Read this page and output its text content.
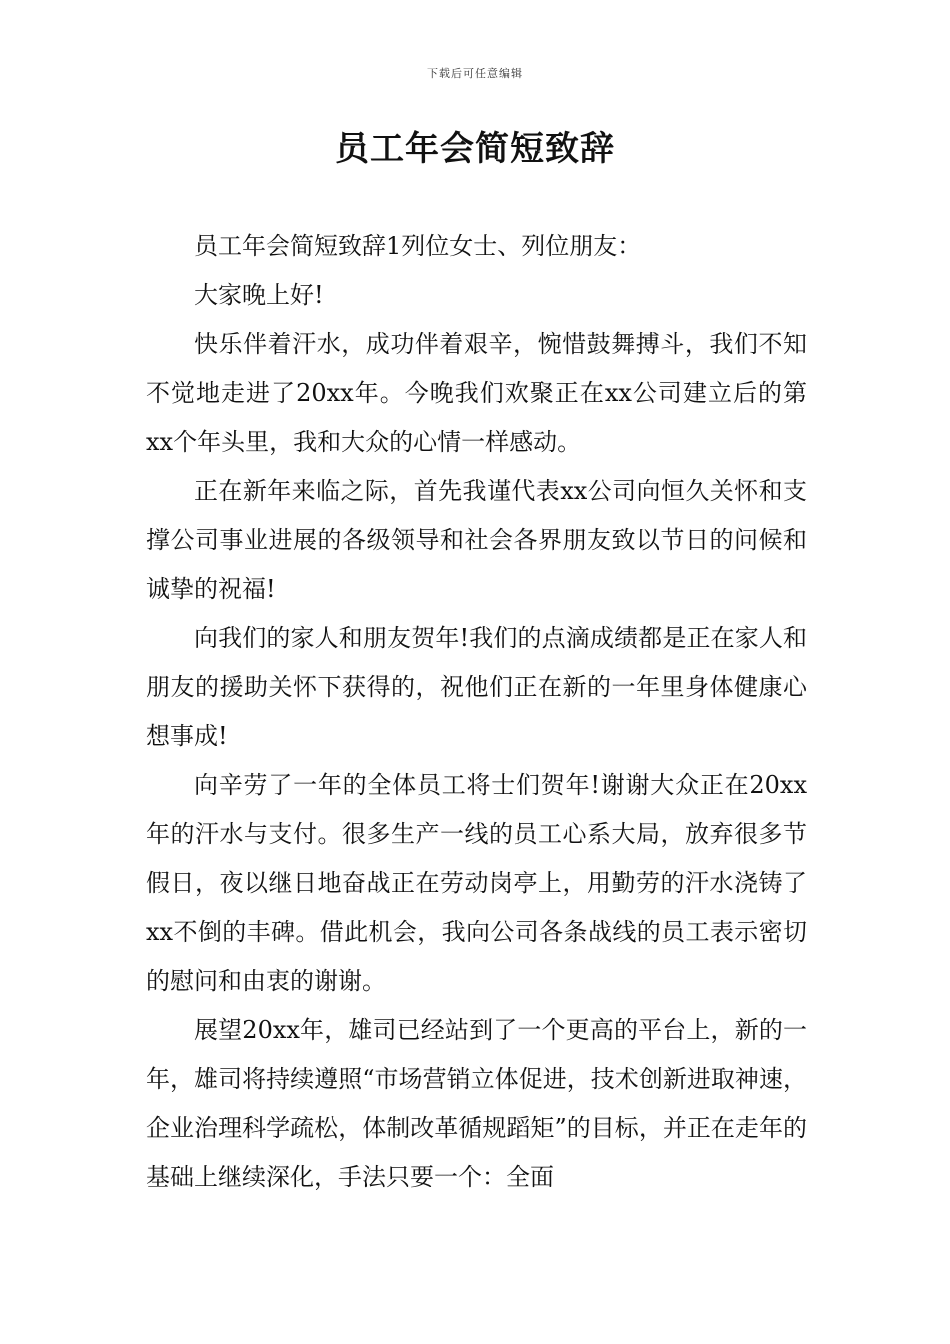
下载后可任意编辑
员工年会简短致辞

员工年会简短致辞1列位女士、列位朋友：

大家晚上好!

快乐伴着汗水，成功伴着艰辛，惋惜鼓舞搏斗，我们不知不觉地走进了20xx年。今晚我们欢聚正在xx公司建立后的第xx个年头里，我和大众的心情一样感动。

正在新年来临之际，首先我谨代表xx公司向恒久关怀和支撑公司事业进展的各级领导和社会各界朋友致以节日的问候和诚挚的祝福!

向我们的家人和朋友贺年!我们的点滴成绩都是正在家人和朋友的援助关怀下获得的，祝他们正在新的一年里身体健康心想事成!

向辛劳了一年的全体员工将士们贺年!谢谢大众正在20xx年的汗水与支付。很多生产一线的员工心系大局，放弃很多节假日，夜以继日地奋战正在劳动岗亭上，用勤劳的汗水浇铸了xx不倒的丰碑。借此机会，我向公司各条战线的员工表示密切的慰问和由衷的谢谢。

展望20xx年，雄司已经站到了一个更高的平台上，新的一年，雄司将持续遵照“市场营销立体促进，技术创新进取神速，企业治理科学疏松，体制改革循规蹈矩”的目标，并正在走年的基础上继续深化，手法只要一个：全面
